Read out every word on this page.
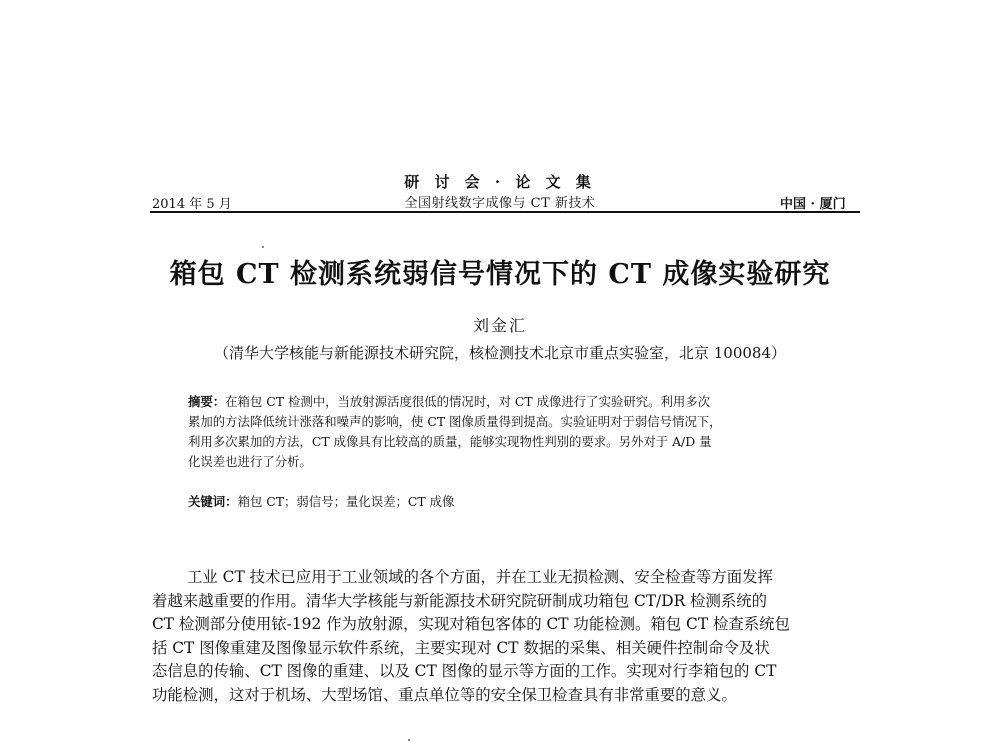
研 讨 会 · 论 文 集
全国射线数字成像与 CT 新技术
2014 年 5 月	中国 · 厦门
箱包 CT 检测系统弱信号情况下的 CT 成像实验研究
刘金汇
（清华大学核能与新能源技术研究院，核检测技术北京市重点实验室，北京 100084）
摘要：在箱包 CT 检测中，当放射源活度很低的情况时，对 CT 成像进行了实验研究。利用多次
累加的方法降低统计涨落和噪声的影响，使 CT 图像质量得到提高。实验证明对于弱信号情况下，
利用多次累加的方法，CT 成像具有比较高的质量，能够实现物性判别的要求。另外对于 A/D 量
化误差也进行了分析。
关键词：箱包 CT；弱信号；量化误差；CT 成像
工业 CT 技术已应用于工业领域的各个方面，并在工业无损检测、安全检查等方面发挥
着越来越重要的作用。清华大学核能与新能源技术研究院研制成功箱包 CT/DR 检测系统的
CT 检测部分使用铱-192 作为放射源，实现对箱包客体的 CT 功能检测。箱包 CT 检查系统包
括 CT 图像重建及图像显示软件系统，主要实现对 CT 数据的采集、相关硬件控制命令及状
态信息的传输、CT 图像的重建、以及 CT 图像的显示等方面的工作。实现对行李箱包的 CT
功能检测，这对于机场、大型场馆、重点单位等的安全保卫检查具有非常重要的意义。
